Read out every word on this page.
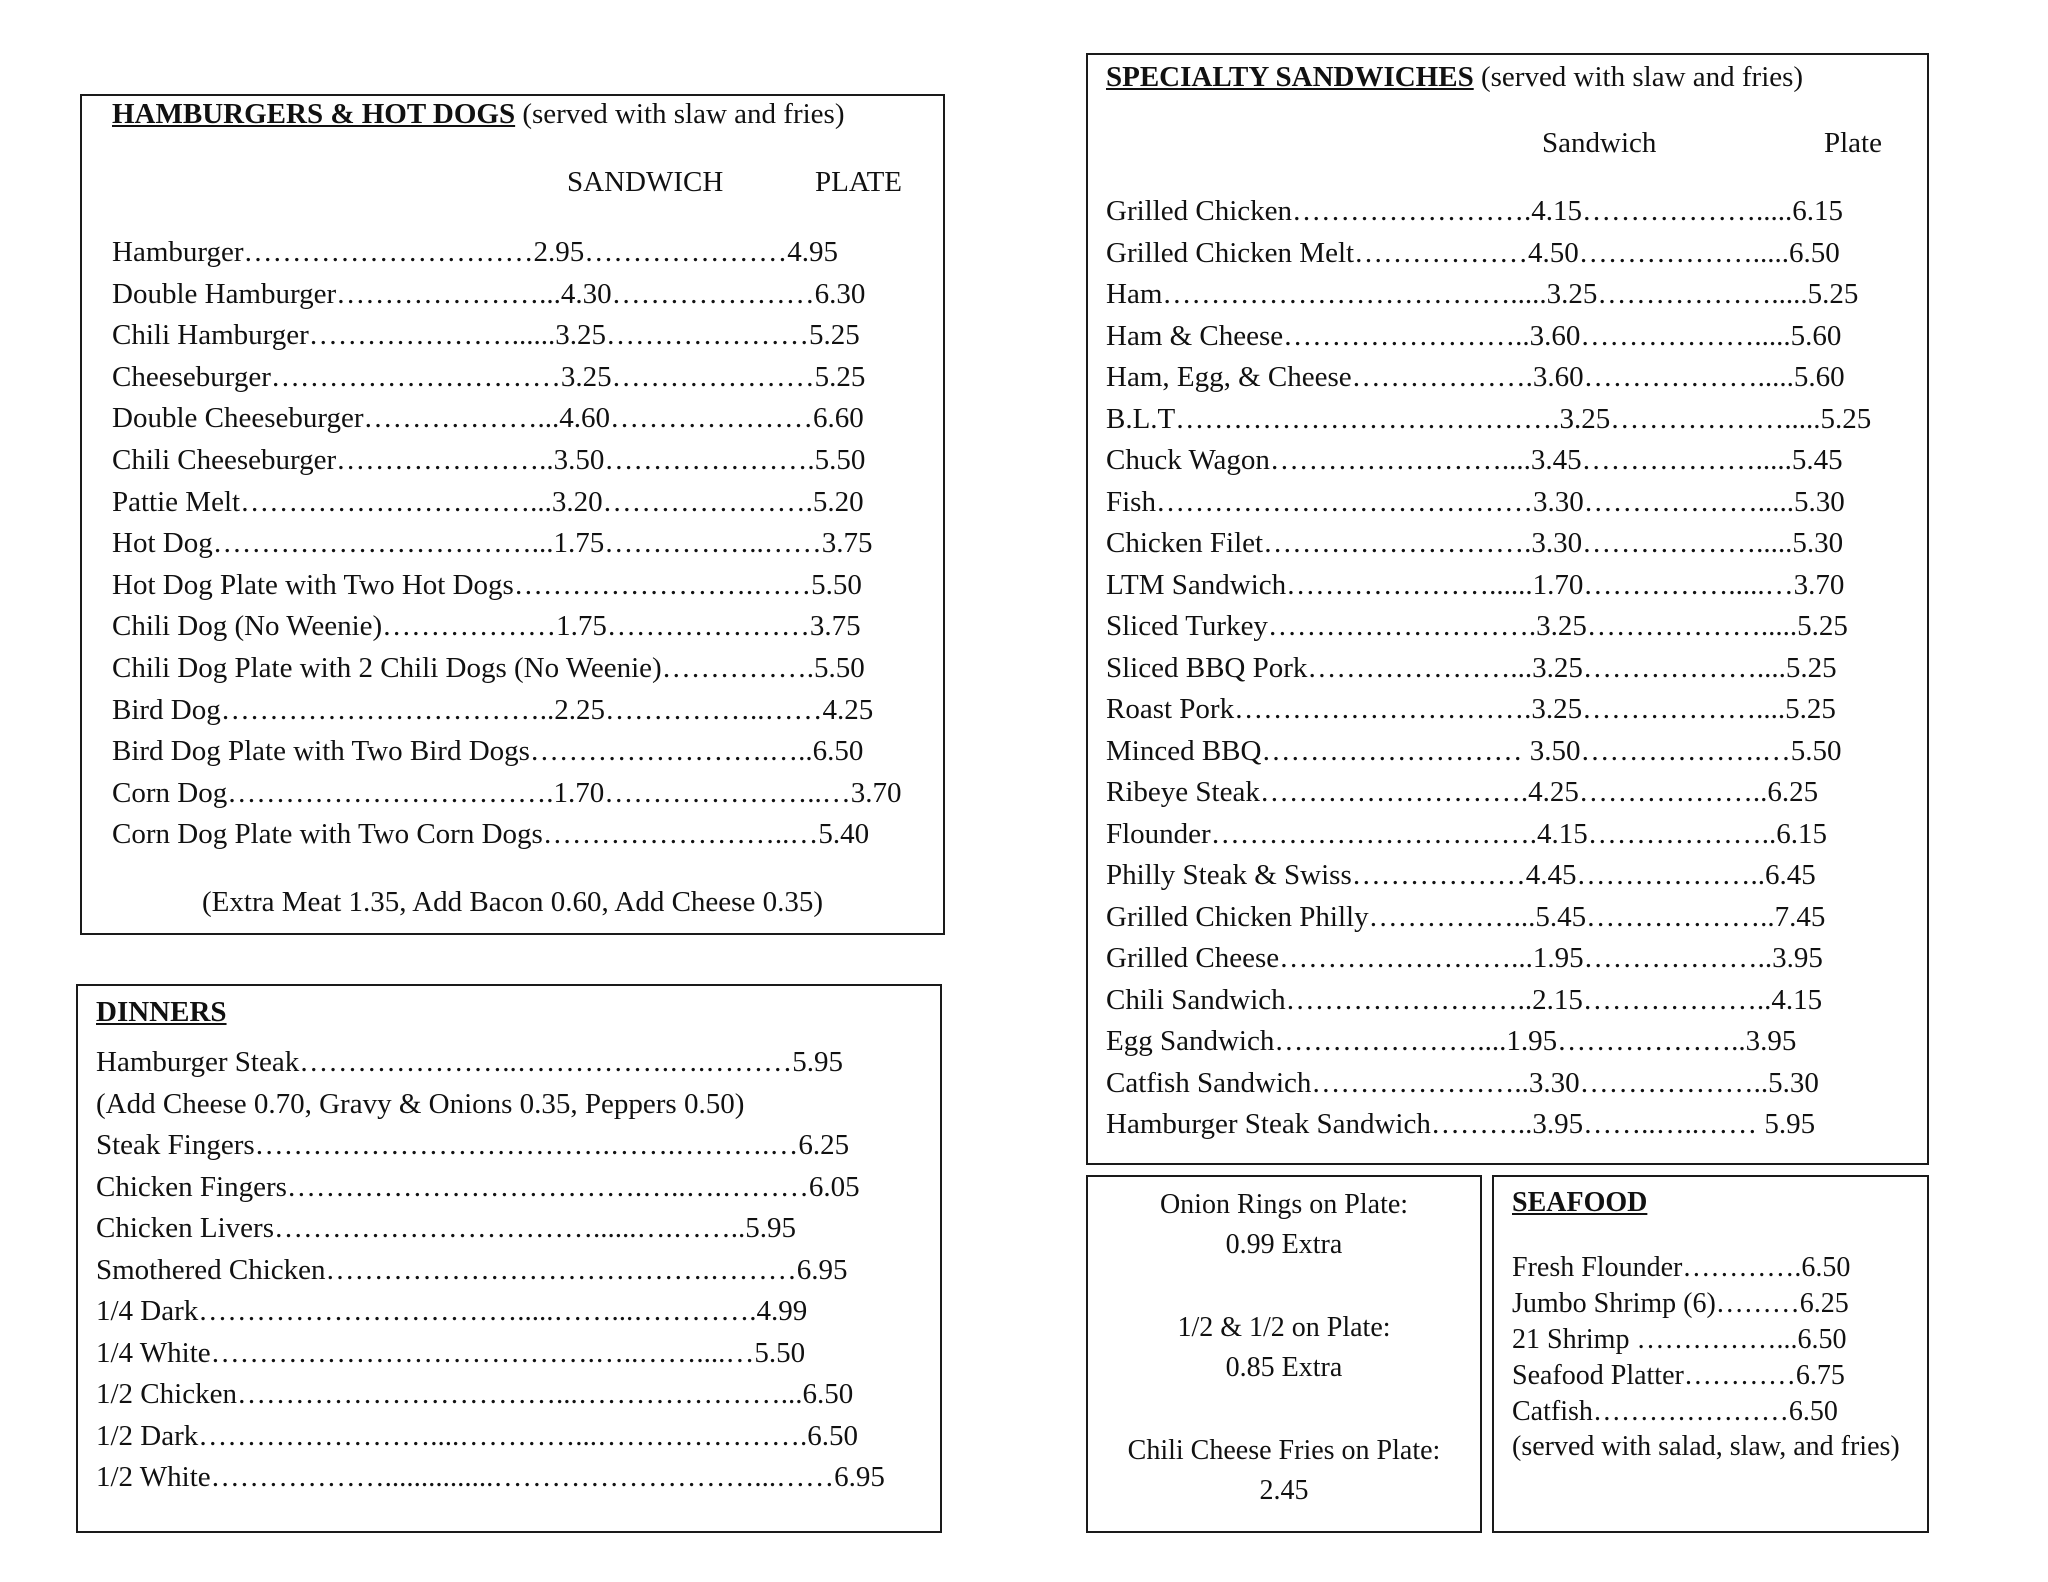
HAMBURGERS & HOT DOGS (served with slaw and fries)
SANDWICH	PLATE
Hamburger…………………………2.95…………………4.95
Double Hamburger…………………...4.30…………………6.30
Chili Hamburger…………………......3.25…………………5.25
Cheeseburger…………………………3.25…………………5.25
Double Cheeseburger………………...4.60…………………6.60
Chili Cheeseburger…………………..3.50………………….5.50
Pattie Melt…………………………...3.20………………….5.20
Hot Dog……………………………...1.75……………..……3.75
Hot Dog Plate with Two Hot Dogs…………………….……5.50
Chili Dog (No Weenie)………………1.75…………………3.75
Chili Dog Plate with 2 Chili Dogs (No Weenie)…………….5.50
Bird Dog……………………………..2.25……………..……4.25
Bird Dog Plate with Two Bird Dogs…………………….…..6.50
Corn Dog…………………………….1.70…………………..…3.70
Corn Dog Plate with Two Corn Dogs……………………..…5.40
(Extra Meat 1.35, Add Bacon 0.60, Add Cheese 0.35)
DINNERS
Hamburger Steak…………………..…………….….………5.95
(Add Cheese 0.70, Gravy & Onions 0.35, Peppers 0.50)
Steak Fingers……………………………….…….……….…6.25
Chicken Fingers……………………………….…..….………6.05
Chicken Livers……………………………......….……..5.95
Smothered Chicken………………………………….………6.95
1/4 Dark…………………………….....……...………….4.99
1/4 White………………………………….…..……....…5.50
1/2 Chicken……………………………...…………………...6.50
1/2 Dark……………………....…………...………………….6.50
1/2 White………………...............………………………...……6.95
SPECIALTY SANDWICHES (served with slaw and fries)
Sandwich	Plate
Grilled Chicken…………………….4.15……………….....6.15
Grilled Chicken Melt………………4.50……………….....6.50
Ham……………………………….....3.25……………….....5.25
Ham & Cheese……………………..3.60……………….....5.60
Ham, Egg, & Cheese……………….3.60……………….....5.60
B.L.T………………………………….3.25……………….....5.25
Chuck Wagon……………………....3.45……………….....5.45
Fish…………………………………3.30……………….....5.30
Chicken Filet……………………….3.30……………….....5.30
LTM Sandwich…………………......1.70…………….....…3.70
Sliced Turkey……………………….3.25……………….....5.25
Sliced BBQ Pork…………………...3.25………………....5.25
Roast Pork………………………….3.25………………....5.25
Minced BBQ……………………… 3.50……………….…5.50
Ribeye Steak……………………….4.25………………..6.25
Flounder…………………………….4.15………………..6.15
Philly Steak & Swiss………………4.45………………..6.45
Grilled Chicken Philly……………...5.45………………..7.45
Grilled Cheese……………………...1.95………………..3.95
Chili Sandwich……………………..2.15………………..4.15
Egg Sandwich…………………....1.95………………..3.95
Catfish Sandwich…………………..3.30………………..5.30
Hamburger Steak Sandwich………..3.95……..…..…… 5.95
Onion Rings on Plate:
0.99 Extra
1/2 & 1/2 on Plate:
0.85 Extra
Chili Cheese Fries on Plate:
2.45
SEAFOOD
Fresh Flounder………….6.50
Jumbo Shrimp (6)………6.25
21 Shrimp ……………...6.50
Seafood Platter…………6.75
Catfish…………………6.50
(served with salad, slaw, and fries)
